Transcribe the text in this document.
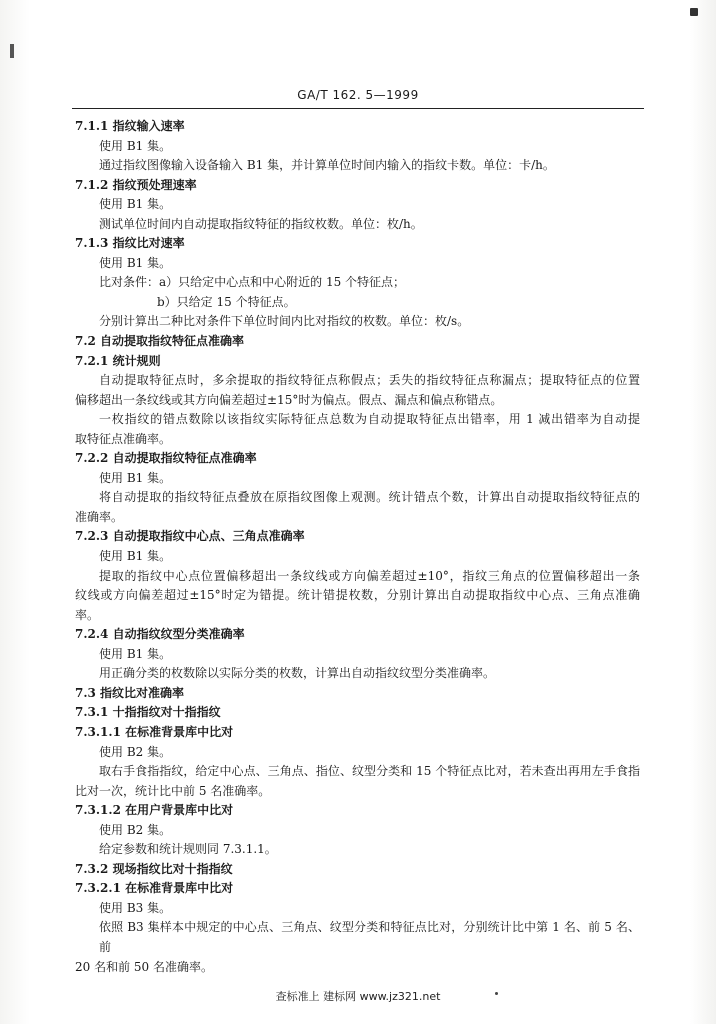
GA/T 162. 5—1999
7.1.1 指纹输入速率
使用 B1 集。
通过指纹图像输入设备输入 B1 集，并计算单位时间内输入的指纹卡数。单位：卡/h。
7.1.2 指纹预处理速率
使用 B1 集。
测试单位时间内自动提取指纹特征的指纹枚数。单位：枚/h。
7.1.3 指纹比对速率
使用 B1 集。
比对条件：a）只给定中心点和中心附近的 15 个特征点；
b）只给定 15 个特征点。
分别计算出二种比对条件下单位时间内比对指纹的枚数。单位：枚/s。
7.2 自动提取指纹特征点准确率
7.2.1 统计规则
自动提取特征点时，多余提取的指纹特征点称假点；丢失的指纹特征点称漏点；提取特征点的位置
偏移超出一条纹线或其方向偏差超过±15°时为偏点。假点、漏点和偏点称错点。
一枚指纹的错点数除以该指纹实际特征点总数为自动提取特征点出错率，用 1 减出错率为自动提
取特征点准确率。
7.2.2 自动提取指纹特征点准确率
使用 B1 集。
将自动提取的指纹特征点叠放在原指纹图像上观测。统计错点个数，计算出自动提取指纹特征点的
准确率。
7.2.3 自动提取指纹中心点、三角点准确率
使用 B1 集。
提取的指纹中心点位置偏移超出一条纹线或方向偏差超过±10°，指纹三角点的位置偏移超出一条
纹线或方向偏差超过±15°时定为错提。统计错提枚数，分别计算出自动提取指纹中心点、三角点准确
率。
7.2.4 自动指纹纹型分类准确率
使用 B1 集。
用正确分类的枚数除以实际分类的枚数，计算出自动指纹纹型分类准确率。
7.3 指纹比对准确率
7.3.1 十指指纹对十指指纹
7.3.1.1 在标准背景库中比对
使用 B2 集。
取右手食指指纹，给定中心点、三角点、指位、纹型分类和 15 个特征点比对，若未查出再用左手食指
比对一次，统计比中前 5 名准确率。
7.3.1.2 在用户背景库中比对
使用 B2 集。
给定参数和统计规则同 7.3.1.1。
7.3.2 现场指纹比对十指指纹
7.3.2.1 在标准背景库中比对
使用 B3 集。
依照 B3 集样本中规定的中心点、三角点、纹型分类和特征点比对，分别统计比中第 1 名、前 5 名、前
20 名和前 50 名准确率。
查标准上 建标网 www.jz321.net
